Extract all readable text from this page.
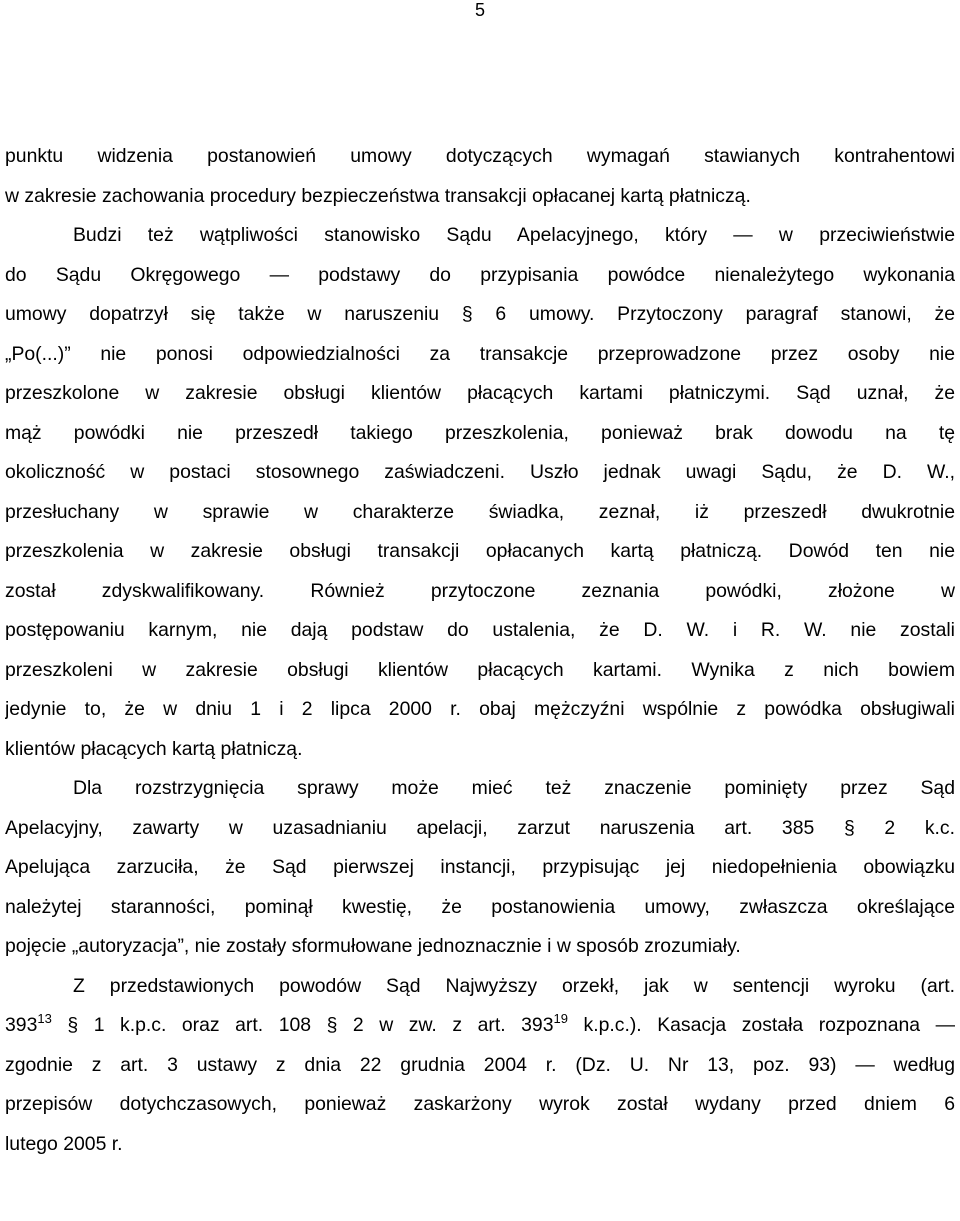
5
punktu widzenia postanowień umowy dotyczących wymagań stawianych kontrahentowi
w zakresie zachowania procedury bezpieczeństwa transakcji opłacanej kartą płatniczą.
Budzi też wątpliwości stanowisko Sądu Apelacyjnego, który — w przeciwieństwie
do Sądu Okręgowego — podstawy do przypisania powódce nienależytego wykonania
umowy dopatrzył się także w naruszeniu § 6 umowy. Przytoczony paragraf stanowi, że
„Po(...)” nie ponosi odpowiedzialności za transakcje przeprowadzone przez osoby nie
przeszkolone w zakresie obsługi klientów płacących kartami płatniczymi. Sąd uznał, że
mąż powódki nie przeszedł takiego przeszkolenia, ponieważ brak dowodu na tę
okoliczność w postaci stosownego zaświadczeni. Uszło jednak uwagi Sądu, że D. W.,
przesłuchany w sprawie w charakterze świadka, zeznał, iż przeszedł dwukrotnie
przeszkolenia w zakresie obsługi transakcji opłacanych kartą płatniczą. Dowód ten nie
został zdyskwalifikowany. Również przytoczone zeznania powódki, złożone w
postępowaniu karnym, nie dają podstaw do ustalenia, że D. W. i R. W. nie zostali
przeszkoleni w zakresie obsługi klientów płacących kartami. Wynika z nich bowiem
jedynie to, że w dniu 1 i 2 lipca 2000 r. obaj mężczyźni wspólnie z powódka obsługiwali
klientów płacących kartą płatniczą.
Dla rozstrzygnięcia sprawy może mieć też znaczenie pominięty przez Sąd
Apelacyjny, zawarty w uzasadnianiu apelacji, zarzut naruszenia art. 385 § 2 k.c.
Apelująca zarzuciła, że Sąd pierwszej instancji, przypisując jej niedopełnienia obowiązku
należytej staranności, pominął kwestię, że postanowienia umowy, zwłaszcza określające
pojęcie „autoryzacja”, nie zostały sformułowane jednoznacznie i w sposób zrozumiały.
Z przedstawionych powodów Sąd Najwyższy orzekł, jak w sentencji wyroku (art.
$393^{13}$ § 1 k.p.c. oraz art. 108 § 2 w zw. z art. $393^{19}$ k.p.c.). Kasacja została rozpoznana —
zgodnie z art. 3 ustawy z dnia 22 grudnia 2004 r. (Dz. U. Nr 13, poz. 93) — według
przepisów dotychczasowych, ponieważ zaskarżony wyrok został wydany przed dniem 6
lutego 2005 r.
